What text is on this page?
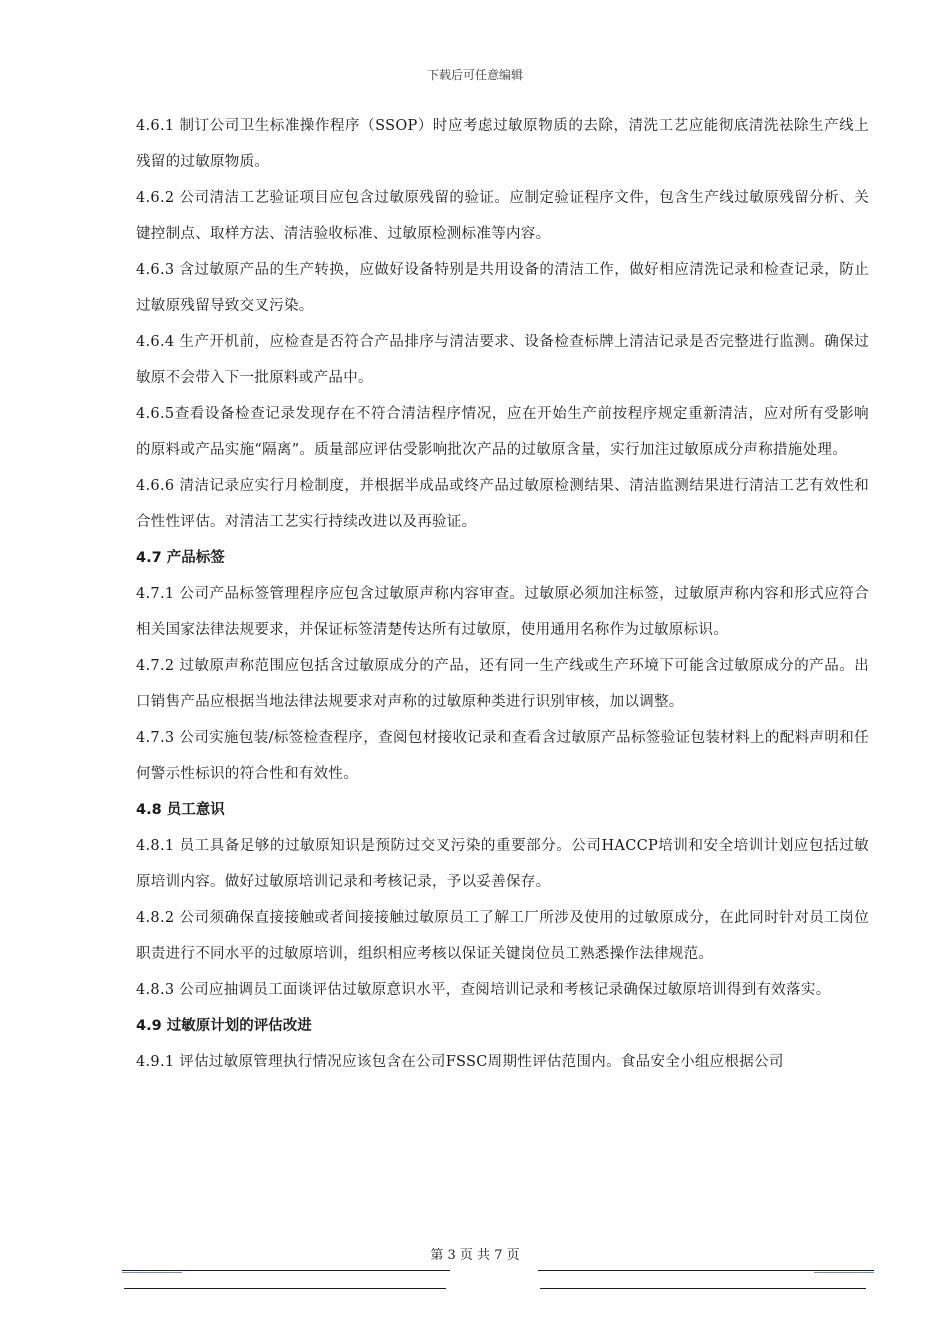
下载后可任意编辑

4.6.1 制订公司卫生标准操作程序（SSOP）时应考虑过敏原物质的去除，清洗工艺应能彻底清洗祛除生产线上残留的过敏原物质。

4.6.2 公司清洁工艺验证项目应包含过敏原残留的验证。应制定验证程序文件，包含生产线过敏原残留分析、关键控制点、取样方法、清洁验收标准、过敏原检测标准等内容。

4.6.3 含过敏原产品的生产转换，应做好设备特别是共用设备的清洁工作，做好相应清洗记录和检查记录，防止过敏原残留导致交叉污染。

4.6.4 生产开机前，应检查是否符合产品排序与清洁要求、设备检查标牌上清洁记录是否完整进行监测。确保过敏原不会带入下一批原料或产品中。

4.6.5查看设备检查记录发现存在不符合清洁程序情况，应在开始生产前按程序规定重新清洁，应对所有受影响的原料或产品实施“隔离”。质量部应评估受影响批次产品的过敏原含量，实行加注过敏原成分声称措施处理。

4.6.6 清洁记录应实行月检制度，并根据半成品或终产品过敏原检测结果、清洁监测结果进行清洁工艺有效性和合性性评估。对清洁工艺实行持续改进以及再验证。

4.7 产品标签

4.7.1 公司产品标签管理程序应包含过敏原声称内容审查。过敏原必须加注标签，过敏原声称内容和形式应符合相关国家法律法规要求，并保证标签清楚传达所有过敏原，使用通用名称作为过敏原标识。

4.7.2 过敏原声称范围应包括含过敏原成分的产品，还有同一生产线或生产环境下可能含过敏原成分的产品。出口销售产品应根据当地法律法规要求对声称的过敏原种类进行识别审核，加以调整。

4.7.3 公司实施包装/标签检查程序，查阅包材接收记录和查看含过敏原产品标签验证包装材料上的配料声明和任何警示性标识的符合性和有效性。

4.8 员工意识

4.8.1 员工具备足够的过敏原知识是预防过交叉污染的重要部分。公司HACCP培训和安全培训计划应包括过敏原培训内容。做好过敏原培训记录和考核记录，予以妥善保存。

4.8.2 公司须确保直接接触或者间接接触过敏原员工了解工厂所涉及使用的过敏原成分，在此同时针对员工岗位职责进行不同水平的过敏原培训，组织相应考核以保证关键岗位员工熟悉操作法律规范。

4.8.3 公司应抽调员工面谈评估过敏原意识水平，查阅培训记录和考核记录确保过敏原培训得到有效落实。

4.9 过敏原计划的评估改进

4.9.1 评估过敏原管理执行情况应该包含在公司FSSC周期性评估范围内。食品安全小组应根据公司

第 3 页 共 7 页
